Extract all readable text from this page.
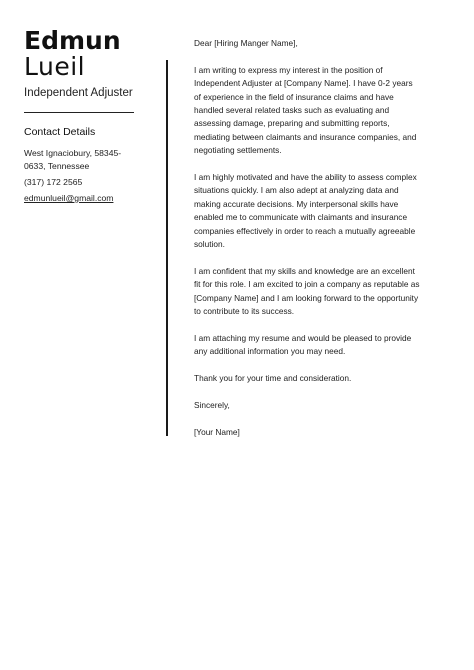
Edmun
Lueil
Independent Adjuster
Contact Details
West Ignaciobury, 58345-0633, Tennessee
(317) 172 2565
edmunlueil@gmail.com

Dear [Hiring Manger Name],

I am writing to express my interest in the position of Independent Adjuster at [Company Name]. I have 0-2 years of experience in the field of insurance claims and have handled several related tasks such as evaluating and assessing damage, preparing and submitting reports, mediating between claimants and insurance companies, and negotiating settlements.

I am highly motivated and have the ability to assess complex situations quickly. I am also adept at analyzing data and making accurate decisions. My interpersonal skills have enabled me to communicate with claimants and insurance companies effectively in order to reach a mutually agreeable solution.

I am confident that my skills and knowledge are an excellent fit for this role. I am excited to join a company as reputable as [Company Name] and I am looking forward to the opportunity to contribute to its success.

I am attaching my resume and would be pleased to provide any additional information you may need.

Thank you for your time and consideration.

Sincerely,

[Your Name]
